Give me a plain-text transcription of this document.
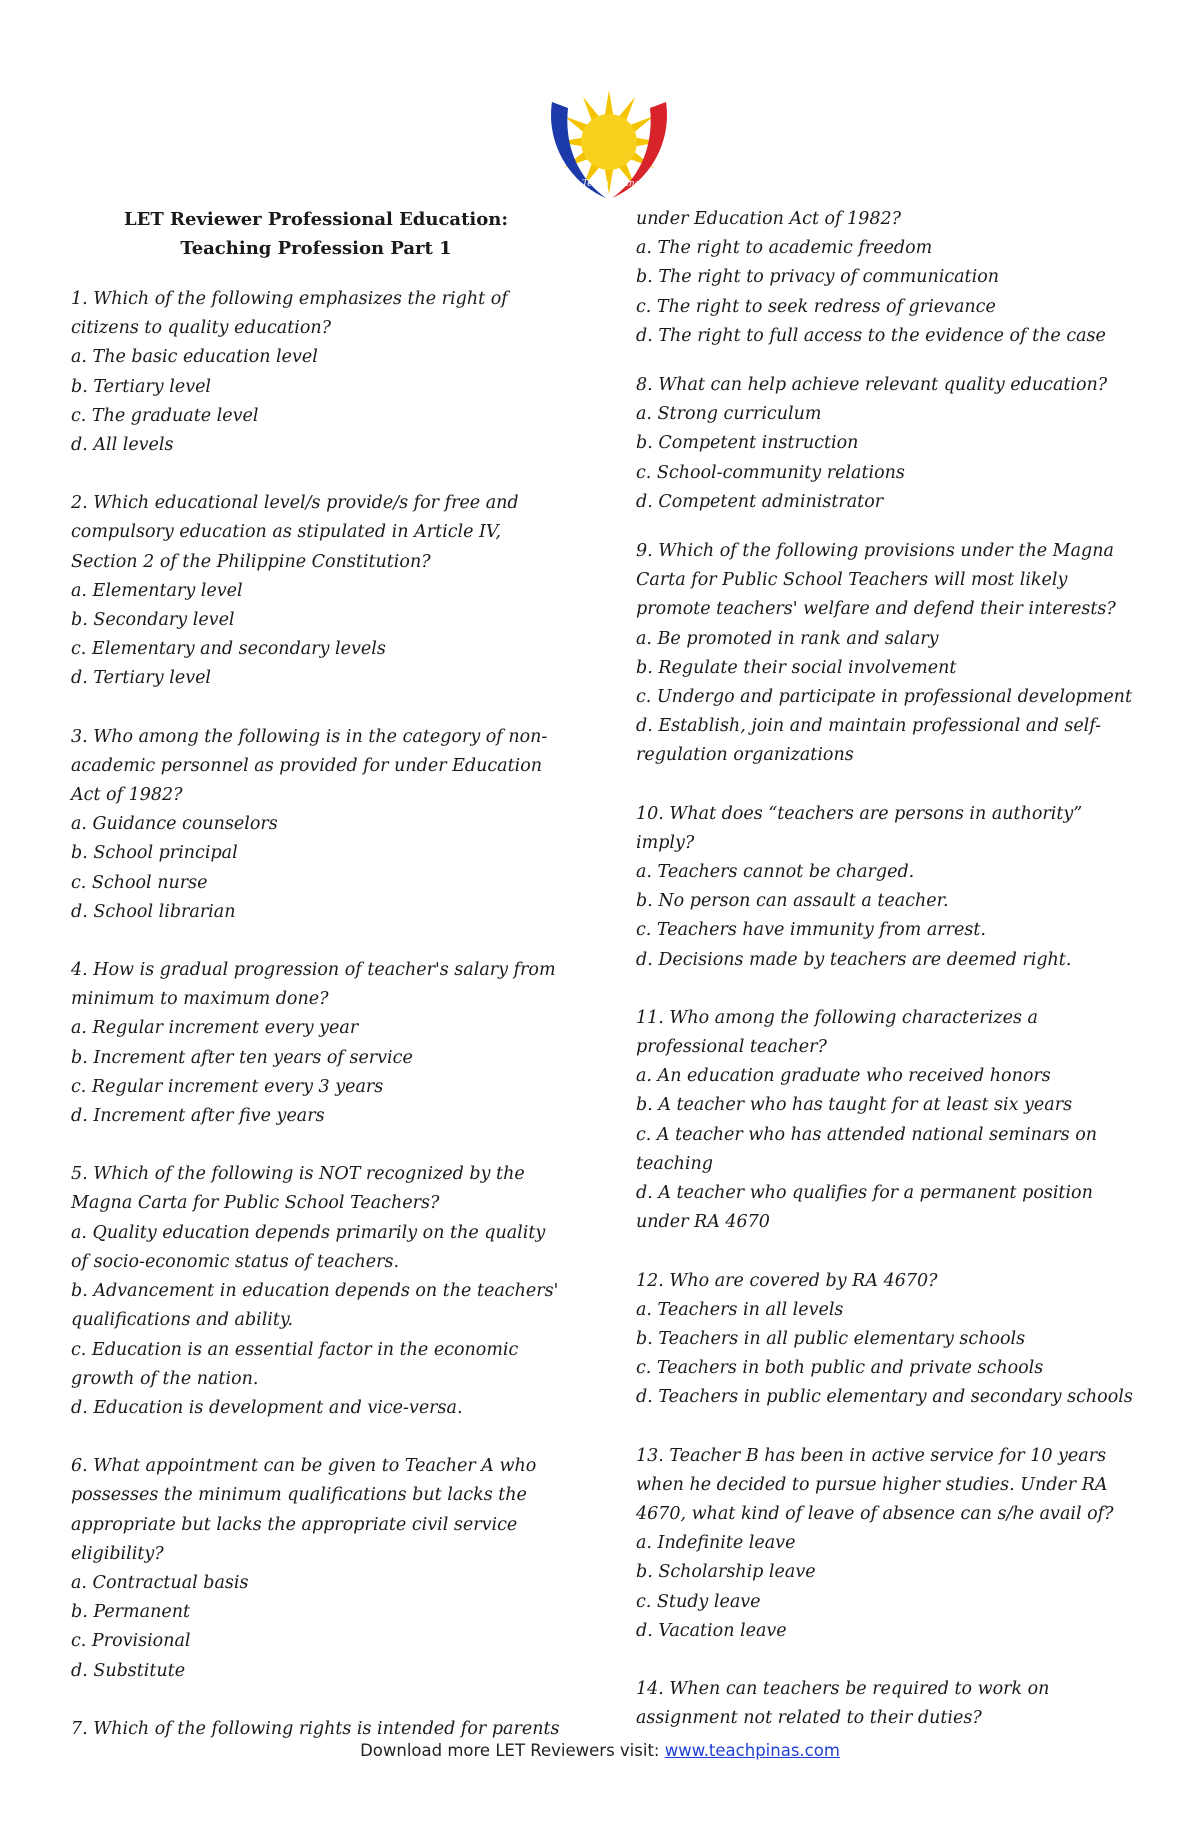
Teach Pinas
LET Reviewer Professional Education:
Teaching Profession Part 1

1. Which of the following emphasizes the right of citizens to quality education?

a. The basic education level
b. Tertiary level
c. The graduate level
d. All levels

2. Which educational level/s provide/s for free and compulsory education as stipulated in Article IV, Section 2 of the Philippine Constitution?

a. Elementary level
b. Secondary level
c. Elementary and secondary levels
d. Tertiary level

3. Who among the following is in the category of non-academic personnel as provided for under Education Act of 1982?

a. Guidance counselors
b. School principal
c. School nurse
d. School librarian

4. How is gradual progression of teacher's salary from minimum to maximum done?

a. Regular increment every year
b. Increment after ten years of service
c. Regular increment every 3 years
d. Increment after five years

5. Which of the following is NOT recognized by the Magna Carta for Public School Teachers?

a. Quality education depends primarily on the quality of socio-economic status of teachers.
b. Advancement in education depends on the teachers' qualifications and ability.
c. Education is an essential factor in the economic growth of the nation.
d. Education is development and vice-versa.

6. What appointment can be given to Teacher A who possesses the minimum qualifications but lacks the appropriate but lacks the appropriate civil service eligibility?

a. Contractual basis
b. Permanent
c. Provisional
d. Substitute

7. Which of the following rights is intended for parents

under Education Act of 1982?

a. The right to academic freedom
b. The right to privacy of communication
c. The right to seek redress of grievance
d. The right to full access to the evidence of the case

8. What can help achieve relevant quality education?

a. Strong curriculum
b. Competent instruction
c. School-community relations
d. Competent administrator

9. Which of the following provisions under the Magna Carta for Public School Teachers will most likely promote teachers' welfare and defend their interests?

a. Be promoted in rank and salary
b. Regulate their social involvement
c. Undergo and participate in professional development
d. Establish, join and maintain professional and self-regulation organizations

10. What does “teachers are persons in authority” imply?

a. Teachers cannot be charged.
b. No person can assault a teacher.
c. Teachers have immunity from arrest.
d. Decisions made by teachers are deemed right.

11. Who among the following characterizes a professional teacher?

a. An education graduate who received honors
b. A teacher who has taught for at least six years
c. A teacher who has attended national seminars on teaching
d. A teacher who qualifies for a permanent position under RA 4670

12. Who are covered by RA 4670?

a. Teachers in all levels
b. Teachers in all public elementary schools
c. Teachers in both public and private schools
d. Teachers in public elementary and secondary schools

13. Teacher B has been in active service for 10 years when he decided to pursue higher studies. Under RA 4670, what kind of leave of absence can s/he avail of?

a. Indefinite leave
b. Scholarship leave
c. Study leave
d. Vacation leave

14. When can teachers be required to work on assignment not related to their duties?

Download more LET Reviewers visit: www.teachpinas.com
